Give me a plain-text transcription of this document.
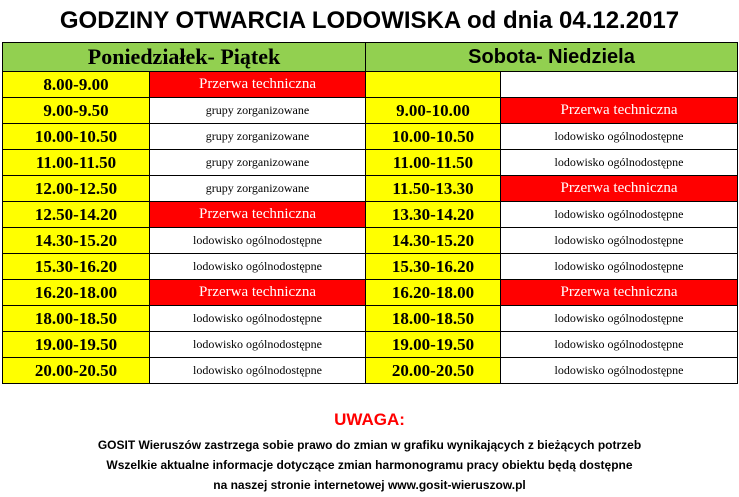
GODZINY OTWARCIA LODOWISKA od dnia 04.12.2017
Poniedziałek- Piątek		Sobota- Niedziela	
8.00-9.00	Przerwa techniczna		
9.00-9.50	grupy zorganizowane	9.00-10.00	Przerwa techniczna
10.00-10.50	grupy zorganizowane	10.00-10.50	lodowisko ogólnodostępne
11.00-11.50	grupy zorganizowane	11.00-11.50	lodowisko ogólnodostępne
12.00-12.50	grupy zorganizowane	11.50-13.30	Przerwa techniczna
12.50-14.20	Przerwa techniczna	13.30-14.20	lodowisko ogólnodostępne
14.30-15.20	lodowisko ogólnodostępne	14.30-15.20	lodowisko ogólnodostępne
15.30-16.20	lodowisko ogólnodostępne	15.30-16.20	lodowisko ogólnodostępne
16.20-18.00	Przerwa techniczna	16.20-18.00	Przerwa techniczna
18.00-18.50	lodowisko ogólnodostępne	18.00-18.50	lodowisko ogólnodostępne
19.00-19.50	lodowisko ogólnodostępne	19.00-19.50	lodowisko ogólnodostępne
20.00-20.50	lodowisko ogólnodostępne	20.00-20.50	lodowisko ogólnodostępne
UWAGA:
GOSIT Wieruszów zastrzega sobie prawo do zmian w grafiku wynikających z bieżących potrzeb
Wszelkie aktualne informacje dotyczące zmian harmonogramu pracy obiektu będą dostępne
na naszej stronie internetowej www.gosit-wieruszow.pl
